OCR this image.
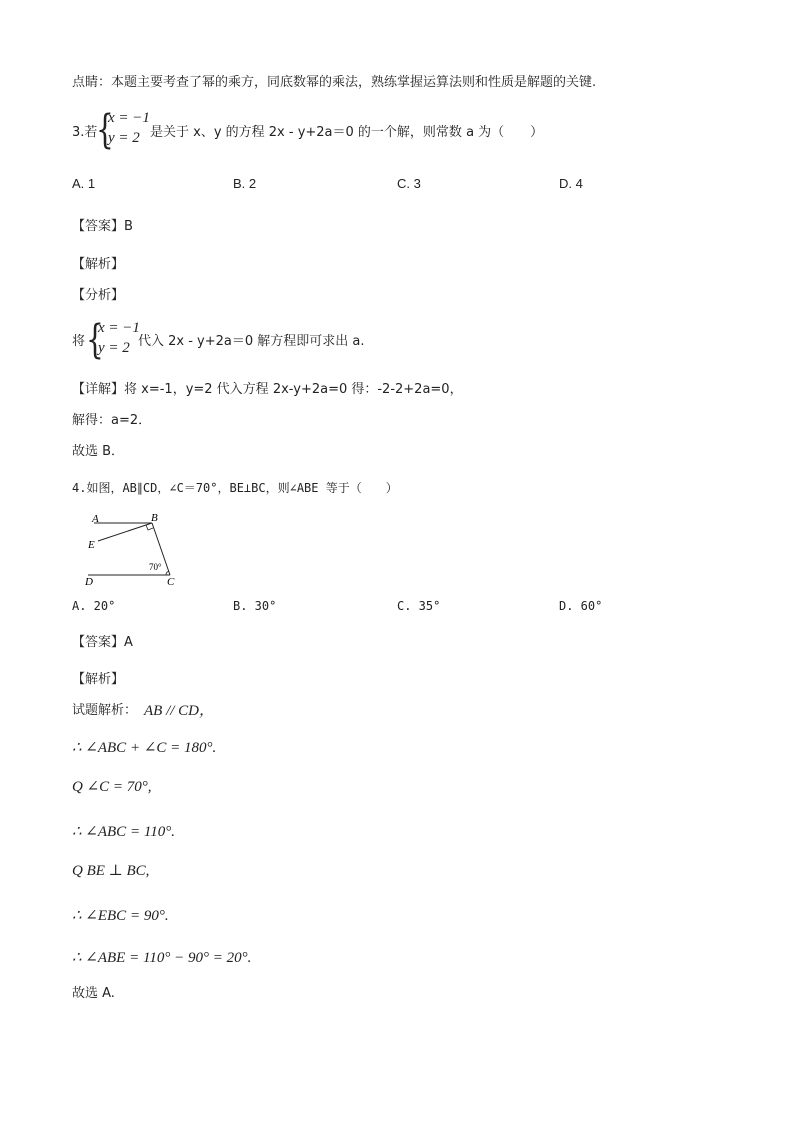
点睛：本题主要考查了幂的乘方，同底数幂的乘法，熟练掌握运算法则和性质是解题的关键.
3.若
{
x = −1
y = 2 是关于 x、y 的方程 2x - y+2a＝0 的一个解，则常数 a 为（　　）
A. 1	B. 2	C. 3	D. 4
【答案】B
【解析】
【分析】
将 {
x = −1
y = 2 代入 2x - y+2a＝0 解方程即可求出 a.
【详解】将 x=-1，y=2 代入方程 2x-y+2a=0 得：-2-2+2a=0，
解得：a=2．
故选 B．
4.如图，AB∥CD，∠C＝70°，BE⊥BC，则∠ABE 等于（　　）
A	B
E
D	C
70°
A. 20°	B. 30°	C. 35°	D. 60°
【答案】A
【解析】
试题解析： AB // CD，
∴ ∠ABC + ∠C = 180°.
Q ∠C = 70°,
∴ ∠ABC = 110°.
Q BE ⊥ BC,
∴ ∠EBC = 90°.
∴ ∠ABE = 110° − 90° = 20°.
故选 A.
